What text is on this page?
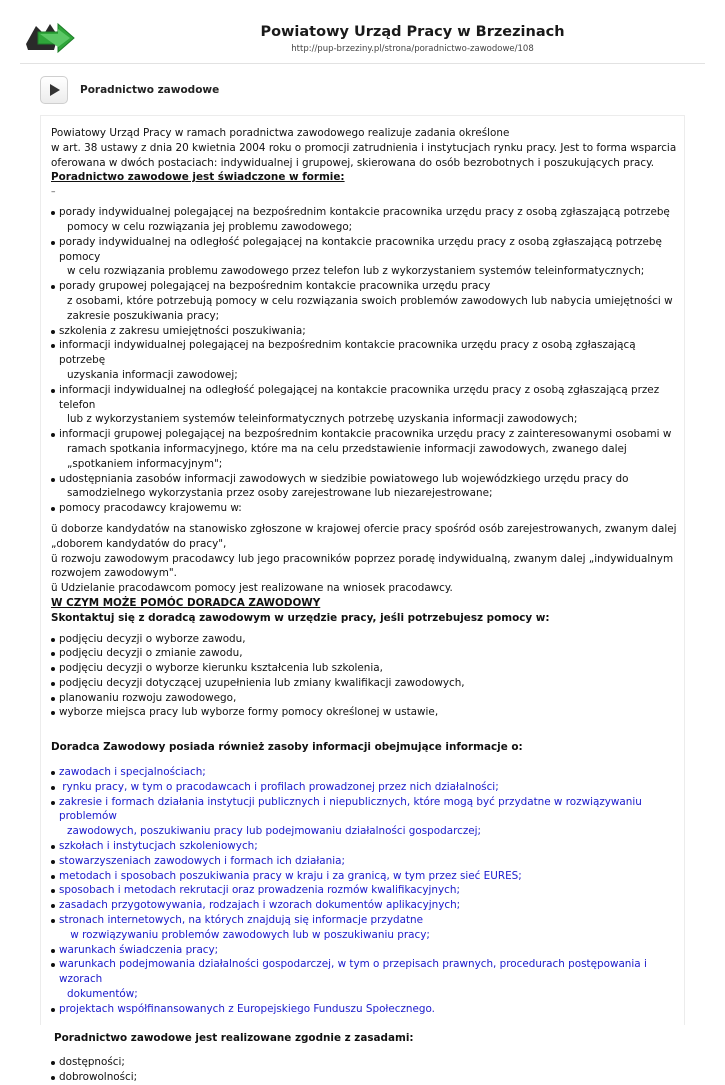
Powiatowy Urząd Pracy w Brzezinach
http://pup-brzeziny.pl/strona/poradnictwo-zawodowe/108
Poradnictwo zawodowe

Powiatowy Urząd Pracy w ramach poradnictwa zawodowego realizuje zadania określone

w art. 38 ustawy z dnia 20 kwietnia 2004 roku o promocji zatrudnienia i instytucjach rynku pracy. Jest to forma wsparcia oferowana w dwóch postaciach: indywidualnej i grupowej, skierowana do osób bezrobotnych i poszukujących pracy.

Poradnictwo zawodowe jest świadczone w formie:

–
porady indywidualnej polegającej na bezpośrednim kontakcie pracownika urzędu pracy z osobą zgłaszającą potrzebę
pomocy w celu rozwiązania jej problemu zawodowego;
porady indywidualnej na odległość polegającej na kontakcie pracownika urzędu pracy z osobą zgłaszającą potrzebę pomocy
w celu rozwiązania problemu zawodowego przez telefon lub z wykorzystaniem systemów teleinformatycznych;
porady grupowej polegającej na bezpośrednim kontakcie pracownika urzędu pracy
z osobami, które potrzebują pomocy w celu rozwiązania swoich problemów zawodowych lub nabycia umiejętności w zakresie poszukiwania pracy;
szkolenia z zakresu umiejętności poszukiwania;
informacji indywidualnej polegającej na bezpośrednim kontakcie pracownika urzędu pracy z osobą zgłaszającą potrzebę
uzyskania informacji zawodowej;
informacji indywidualnej na odległość polegającej na kontakcie pracownika urzędu pracy z osobą zgłaszającą przez telefon
lub z wykorzystaniem systemów teleinformatycznych potrzebę uzyskania informacji zawodowych;
informacji grupowej polegającej na bezpośrednim kontakcie pracownika urzędu pracy z zainteresowanymi osobami w
ramach spotkania informacyjnego, które ma na celu przedstawienie informacji zawodowych, zwanego dalej „spotkaniem informacyjnym";
udostępniania zasobów informacji zawodowych w siedzibie powiatowego lub wojewódzkiego urzędu pracy do
samodzielnego wykorzystania przez osoby zarejestrowane lub niezarejestrowane;
pomocy pracodawcy krajowemu w:

ü doborze kandydatów na stanowisko zgłoszone w krajowej ofercie pracy spośród osób zarejestrowanych, zwanym dalej „doborem kandydatów do pracy",

ü rozwoju zawodowym pracodawcy lub jego pracowników poprzez poradę indywidualną, zwanym dalej „indywidualnym rozwojem zawodowym".

ü Udzielanie pracodawcom pomocy jest realizowane na wniosek pracodawcy.

W CZYM MOŻE POMÓC DORADCA ZAWODOWY

Skontaktuj się z doradcą zawodowym w urzędzie pracy, jeśli potrzebujesz pomocy w:

podjęciu decyzji o wyborze zawodu,
podjęciu decyzji o zmianie zawodu,
podjęciu decyzji o wyborze kierunku kształcenia lub szkolenia,
podjęciu decyzji dotyczącej uzupełnienia lub zmiany kwalifikacji zawodowych,
planowaniu rozwoju zawodowego,
wyborze miejsca pracy lub wyborze formy pomocy określonej w ustawie,

Doradca Zawodowy posiada również zasoby informacji obejmujące informacje o:

zawodach i specjalnościach;
rynku pracy, w tym o pracodawcach i profilach prowadzonej przez nich działalności;
zakresie i formach działania instytucji publicznych i niepublicznych, które mogą być przydatne w rozwiązywaniu problemów
zawodowych, poszukiwaniu pracy lub podejmowaniu działalności gospodarczej;
szkołach i instytucjach szkoleniowych;
stowarzyszeniach zawodowych i formach ich działania;
metodach i sposobach poszukiwania pracy w kraju i za granicą, w tym przez sieć EURES;
sposobach i metodach rekrutacji oraz prowadzenia rozmów kwalifikacyjnych;
zasadach przygotowywania, rodzajach i wzorach dokumentów aplikacyjnych;
stronach internetowych, na których znajdują się informacje przydatne
w rozwiązywaniu problemów zawodowych lub w poszukiwaniu pracy;
warunkach świadczenia pracy;
warunkach podejmowania działalności gospodarczej, w tym o przepisach prawnych, procedurach postępowania i wzorach
dokumentów;
projektach współfinansowanych z Europejskiego Funduszu Społecznego.

Poradnictwo zawodowe jest realizowane zgodnie z zasadami:

dostępności;
dobrowolności;
